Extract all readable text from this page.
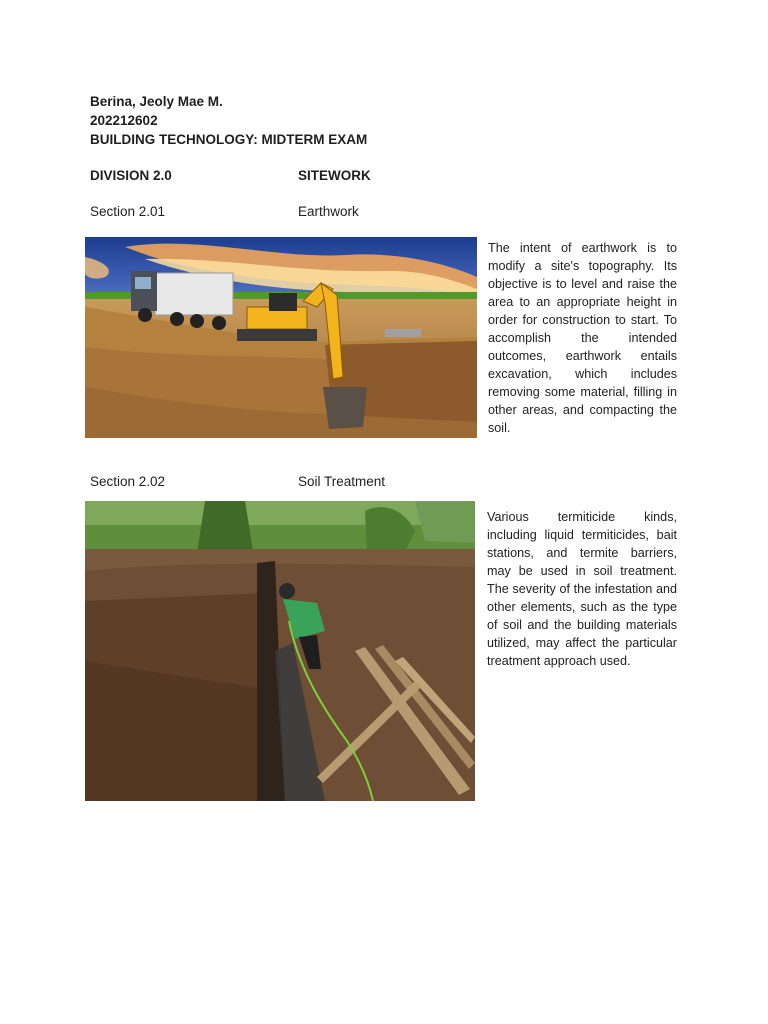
Berina, Jeoly Mae M.
202212602
BUILDING TECHNOLOGY: MIDTERM EXAM
DIVISION 2.0	SITEWORK
Section 2.01	Earthwork
The intent of earthwork is to modify a site's topography. Its objective is to level and raise the area to an appropriate height in order for construction to start. To accomplish the intended outcomes, earthwork entails excavation, which includes removing some material, filling in other areas, and compacting the soil.
Section 2.02	Soil Treatment
Various termiticide kinds, including liquid termiticides, bait stations, and termite barriers, may be used in soil treatment. The severity of the infestation and other elements, such as the type of soil and the building materials utilized, may affect the particular treatment approach used.
